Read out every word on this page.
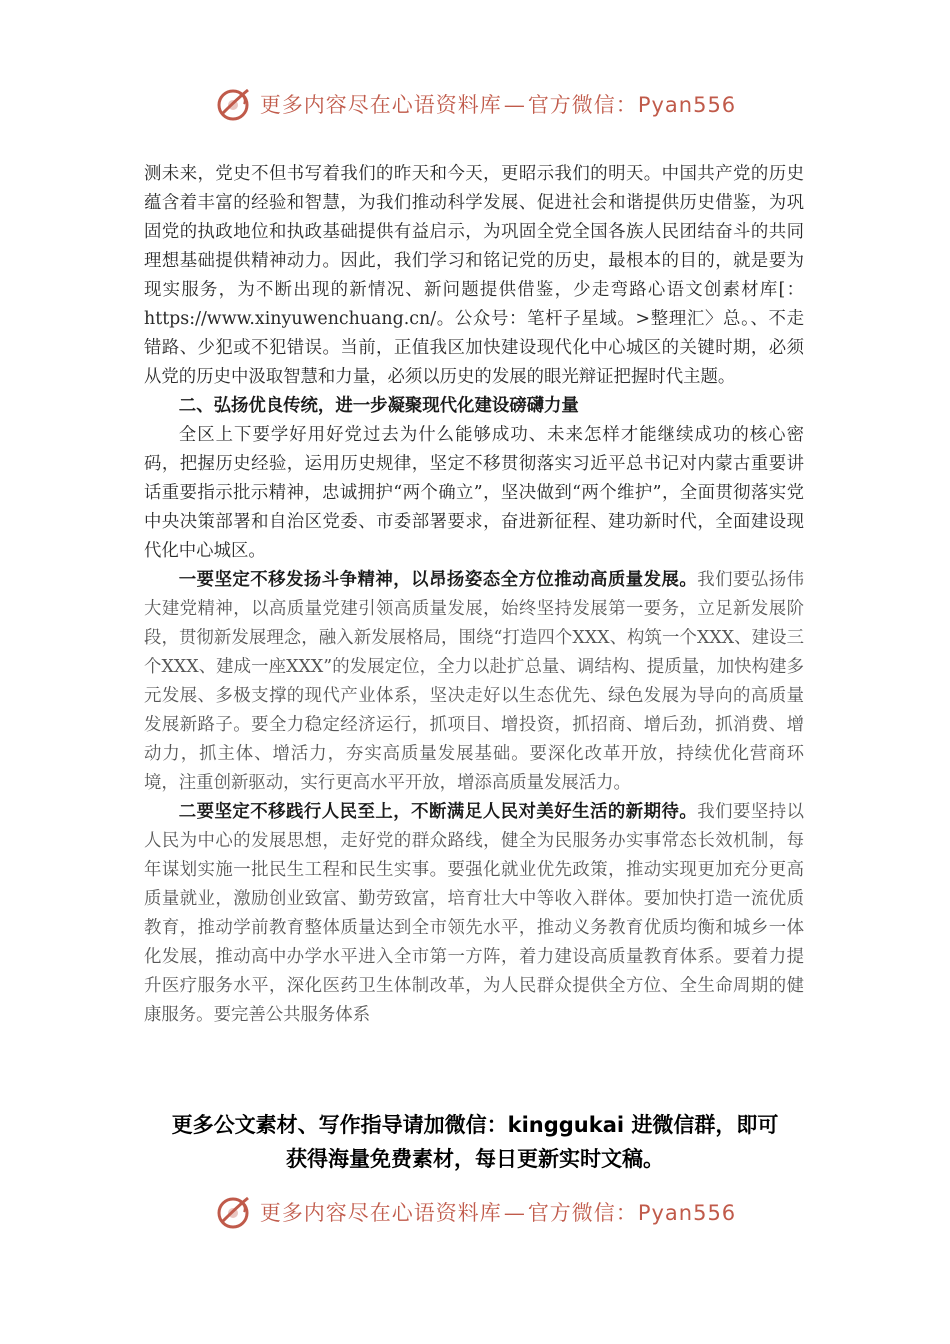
更多内容尽在心语资料库—官方微信：Pyan556

测未来，党史不但书写着我们的昨天和今天，更昭示我们的明天。中国共产党的历史蕴含着丰富的经验和智慧，为我们推动科学发展、促进社会和谐提供历史借鉴，为巩固党的执政地位和执政基础提供有益启示，为巩固全党全国各族人民团结奋斗的共同理想基础提供精神动力。因此，我们学习和铭记党的历史，最根本的目的，就是要为现实服务，为不断出现的新情况、新问题提供借鉴，少走弯路心语文创素材库[：https://www.xinyuwenchuang.cn/。公众号：笔杆子星域。>整理汇〉总。、不走错路、少犯或不犯错误。当前，正值我区加快建设现代化中心城区的关键时期，必须从党的历史中汲取智慧和力量，必须以历史的发展的眼光辩证把握时代主题。

二、弘扬优良传统，进一步凝聚现代化建设磅礴力量

全区上下要学好用好党过去为什么能够成功、未来怎样才能继续成功的核心密码，把握历史经验，运用历史规律，坚定不移贯彻落实习近平总书记对内蒙古重要讲话重要指示批示精神，忠诚拥护“两个确立”，坚决做到“两个维护”，全面贯彻落实党中央决策部署和自治区党委、市委部署要求，奋进新征程、建功新时代，全面建设现代化中心城区。

一要坚定不移发扬斗争精神，以昂扬姿态全方位推动高质量发展。我们要弘扬伟大建党精神，以高质量党建引领高质量发展，始终坚持发展第一要务，立足新发展阶段，贯彻新发展理念，融入新发展格局，围绕“打造四个XXX、构筑一个XXX、建设三个XXX、建成一座XXX”的发展定位，全力以赴扩总量、调结构、提质量，加快构建多元发展、多极支撑的现代产业体系，坚决走好以生态优先、绿色发展为导向的高质量发展新路子。要全力稳定经济运行，抓项目、增投资，抓招商、增后劲，抓消费、增动力，抓主体、增活力，夯实高质量发展基础。要深化改革开放，持续优化营商环境，注重创新驱动，实行更高水平开放，增添高质量发展活力。

二要坚定不移践行人民至上，不断满足人民对美好生活的新期待。我们要坚持以人民为中心的发展思想，走好党的群众路线，健全为民服务办实事常态长效机制，每年谋划实施一批民生工程和民生实事。要强化就业优先政策，推动实现更加充分更高质量就业，激励创业致富、勤劳致富，培育壮大中等收入群体。要加快打造一流优质教育，推动学前教育整体质量达到全市领先水平，推动义务教育优质均衡和城乡一体化发展，推动高中办学水平进入全市第一方阵，着力建设高质量教育体系。要着力提升医疗服务水平，深化医药卫生体制改革，为人民群众提供全方位、全生命周期的健康服务。要完善公共服务体系

更多公文素材、写作指导请加微信：kinggukai 进微信群，即可
获得海量免费素材，每日更新实时文稿。
更多内容尽在心语资料库—官方微信：Pyan556
